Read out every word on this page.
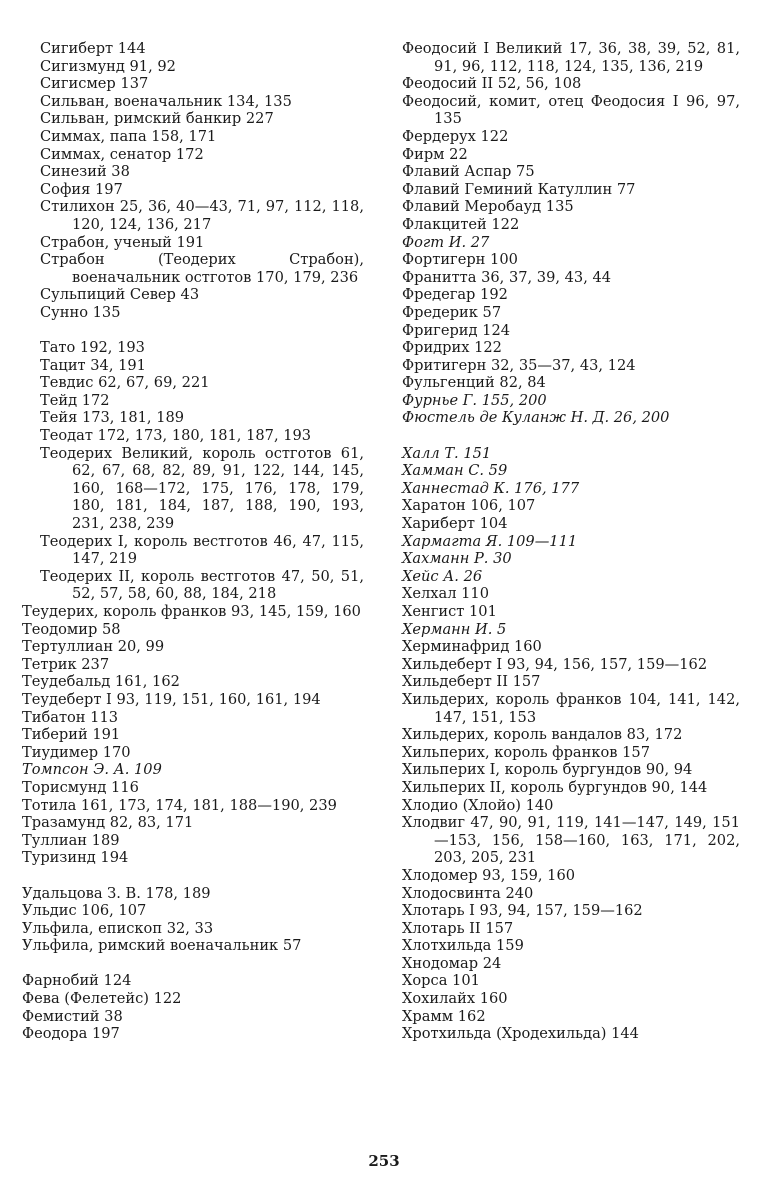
Сигиберт 144
Сигизмунд 91, 92
Сигисмер 137
Сильван, военачальник 134, 135
Сильван, римский банкир 227
Симмах, папа 158, 171
Симмах, сенатор 172
Синезий 38
София 197
Стилихон 25, 36, 40—43, 71, 97, 112, 118, 120, 124, 136, 217
Страбон, ученый 191
Страбон (Теодерих Страбон), военачальник остготов 170, 179, 236
Сульпиций Север 43
Сунно 135
Тато 192, 193
Тацит 34, 191
Тевдис 62, 67, 69, 221
Тейд 172
Тейя 173, 181, 189
Теодат 172, 173, 180, 181, 187, 193
Теодерих Великий, король остготов 61, 62, 67, 68, 82, 89, 91, 122, 144, 145, 160, 168—172, 175, 176, 178, 179, 180, 181, 184, 187, 188, 190, 193, 231, 238, 239
Теодерих I, король вестготов 46, 47, 115, 147, 219
Теодерих II, король вестготов 47, 50, 51, 52, 57, 58, 60, 88, 184, 218
Теудерих, король франков 93, 145, 159, 160
Теодомир 58
Тертуллиан 20, 99
Тетрик 237
Теудебальд 161, 162
Теудеберт I 93, 119, 151, 160, 161, 194
Тибатон 113
Тиберий 191
Тиудимер 170
Томпсон Э. А. 109
Торисмунд 116
Тотила 161, 173, 174, 181, 188—190, 239
Тразамунд 82, 83, 171
Туллиан 189
Туризинд 194
Удальцова З. В. 178, 189
Ульдис 106, 107
Ульфила, епископ 32, 33
Ульфила, римский военачальник 57
Фарнобий 124
Фева (Фелетейс) 122
Фемистий 38
Феодора 197
Феодосий I Великий 17, 36, 38, 39, 52, 81, 91, 96, 112, 118, 124, 135, 136, 219
Феодосий II 52, 56, 108
Феодосий, комит, отец Феодосия I 96, 97, 135
Фердерух 122
Фирм 22
Флавий Аспар 75
Флавий Геминий Катуллин 77
Флавий Меробауд 135
Флакцитей 122
Фогт И. 27
Фортигерн 100
Франитта 36, 37, 39, 43, 44
Фредегар 192
Фредерик 57
Фригерид 124
Фридрих 122
Фритигерн 32, 35—37, 43, 124
Фульгенций 82, 84
Фурнье Г. 155, 200
Фюстель де Куланж Н. Д. 26, 200
Халл Т. 151
Хамман С. 59
Ханнестад К. 176, 177
Харатон 106, 107
Хариберт 104
Хармагта Я. 109—111
Хахманн Р. 30
Хейс А. 26
Хелхал 110
Хенгист 101
Херманн И. 5
Херминафрид 160
Хильдеберт I 93, 94, 156, 157, 159—162
Хильдеберт II 157
Хильдерих, король франков 104, 141, 142, 147, 151, 153
Хильдерих, король вандалов 83, 172
Хильперих, король франков 157
Хильперих I, король бургундов 90, 94
Хильперих II, король бургундов 90, 144
Хлодио (Хлойо) 140
Хлодвиг 47, 90, 91, 119, 141—147, 149, 151—153, 156, 158—160, 163, 171, 202, 203, 205, 231
Хлодомер 93, 159, 160
Хлодосвинта 240
Хлотарь I 93, 94, 157, 159—162
Хлотарь II 157
Хлотхильда 159
Хнодомар 24
Хорса 101
Хохилайх 160
Храмм 162
Хротхильда (Хродехильда) 144
253
